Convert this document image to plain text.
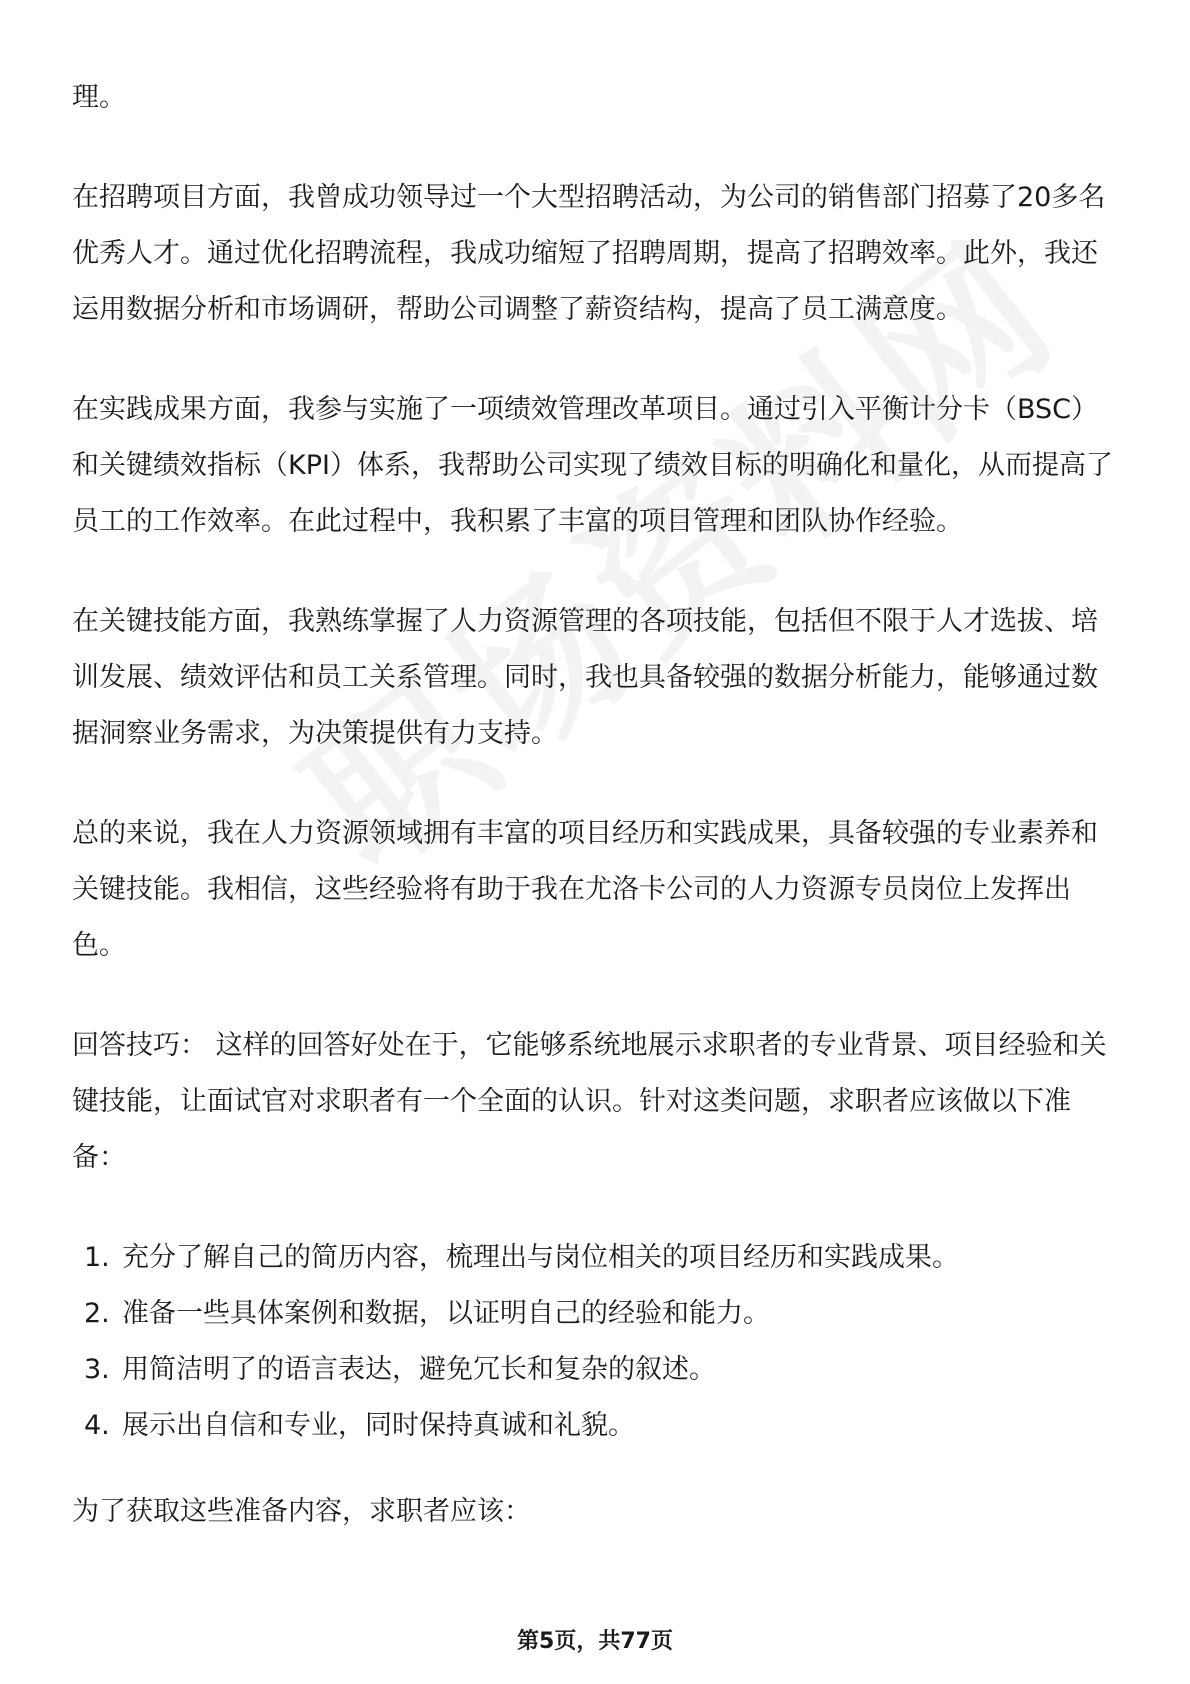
理。

在招聘项目方面，我曾成功领导过一个大型招聘活动，为公司的销售部门招募了20多名优秀人才。通过优化招聘流程，我成功缩短了招聘周期，提高了招聘效率。此外，我还运用数据分析和市场调研，帮助公司调整了薪资结构，提高了员工满意度。

在实践成果方面，我参与实施了一项绩效管理改革项目。通过引入平衡计分卡（BSC）和关键绩效指标（KPI）体系，我帮助公司实现了绩效目标的明确化和量化，从而提高了员工的工作效率。在此过程中，我积累了丰富的项目管理和团队协作经验。

在关键技能方面，我熟练掌握了人力资源管理的各项技能，包括但不限于人才选拔、培训发展、绩效评估和员工关系管理。同时，我也具备较强的数据分析能力，能够通过数据洞察业务需求，为决策提供有力支持。

总的来说，我在人力资源领域拥有丰富的项目经历和实践成果，具备较强的专业素养和关键技能。我相信，这些经验将有助于我在尤洛卡公司的人力资源专员岗位上发挥出色。

回答技巧： 这样的回答好处在于，它能够系统地展示求职者的专业背景、项目经验和关键技能，让面试官对求职者有一个全面的认识。针对这类问题，求职者应该做以下准备：

1. 充分了解自己的简历内容，梳理出与岗位相关的项目经历和实践成果。
2. 准备一些具体案例和数据，以证明自己的经验和能力。
3. 用简洁明了的语言表达，避免冗长和复杂的叙述。
4. 展示出自信和专业，同时保持真诚和礼貌。

为了获取这些准备内容，求职者应该：

第5页，共77页
